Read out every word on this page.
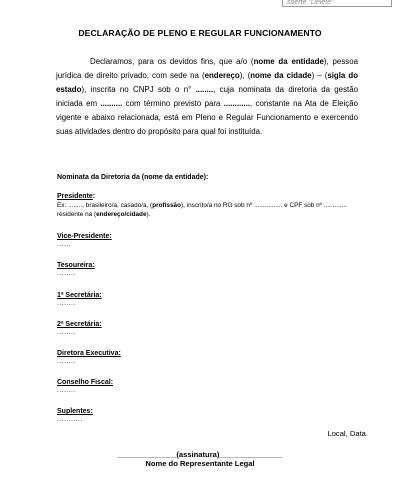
soerte "Delete"
DECLARAÇÃO DE PLENO E REGULAR FUNCIONAMENTO

Declaramos, para os devidos fins, que a/o (nome da entidade), pessoa jurídica de direito privado, com sede na (endereço), (nome da cidade) – (sigla do estado), inscrita no CNPJ sob o n° ........, cuja nominata da diretoria da gestão iniciada em .......... com término previsto para ............, constante na Ata de Eleição vigente e abaixo relacionada, está em Pleno e Regular Funcionamento e exercendo suas atividades dentro do propósito para qual foi instituída.

Nominata da Diretoria da (nome da entidade):
Presidente:
Ex: ........, brasileiro/a, casado/a, (profissão), inscrito/a no RG sob nº ................ e CPF sob nº ............. residente na (endereço/cidade).
Vice-Presidente:
......
Tesoureira:
........
1ª Secretária:
........
2ª Secretária:
........
Diretora Executiva:
........
Conselho Fiscal:
........
Suplentes:
...........
Local, Data.
______________(assinatura)_______________
Nome do Representante Legal
